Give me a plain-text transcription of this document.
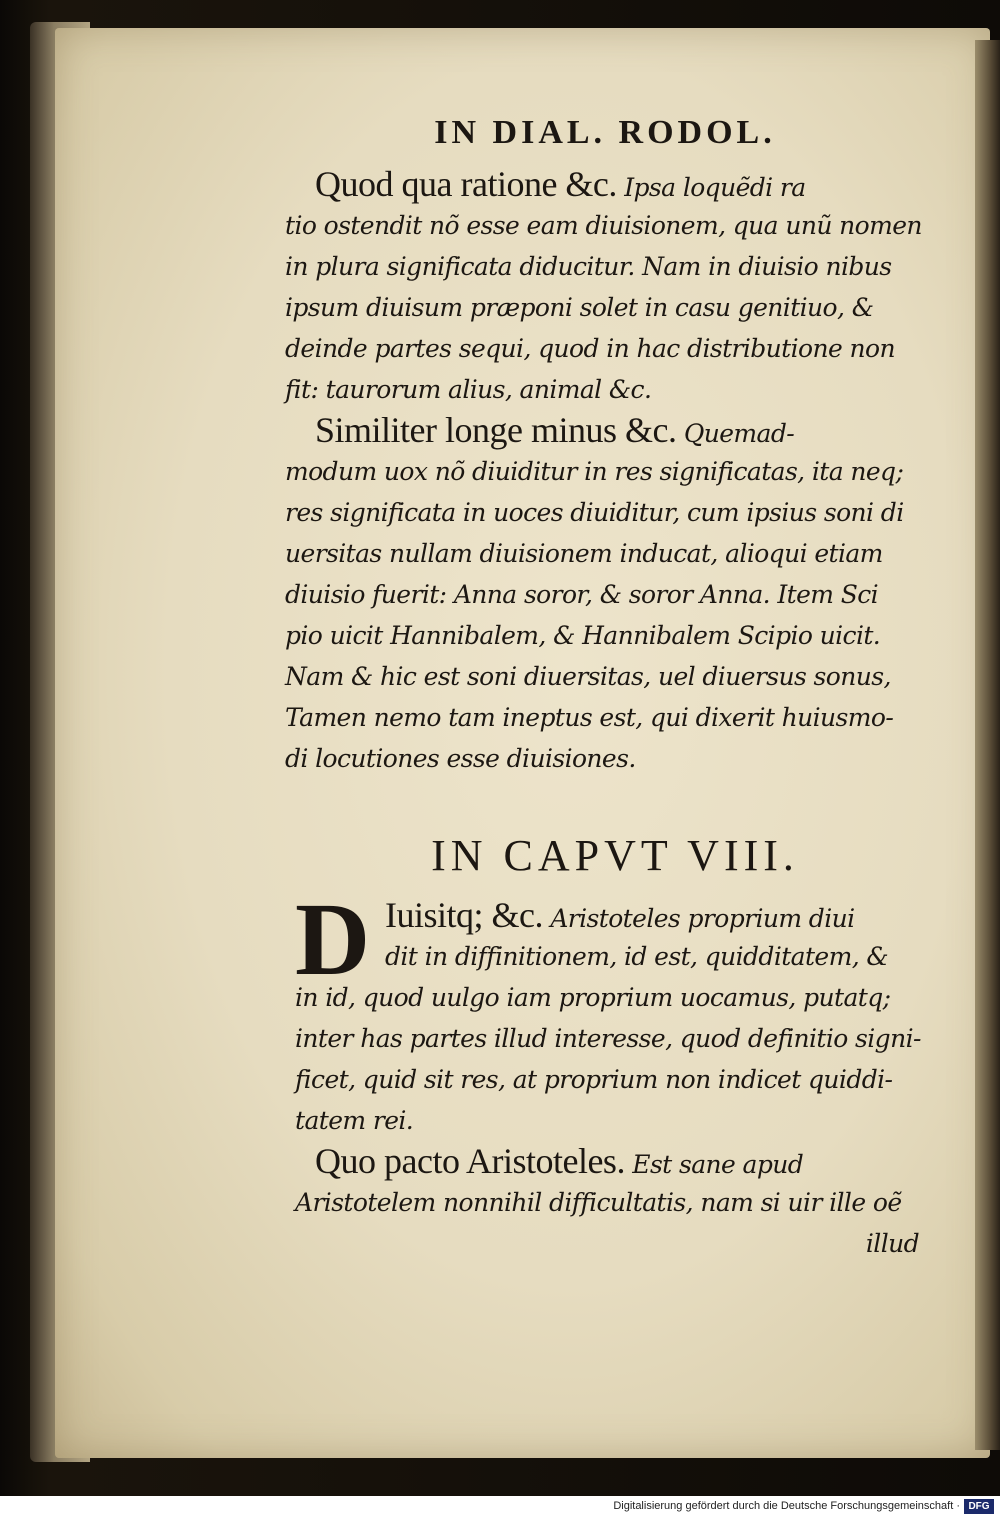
IN DIAL. RODOL.
Quod qua ratione &c. Ipsa loquẽdi ra
tio ostendit nõ esse eam diuisionem, qua unũ nomen
in plura significata diducitur. Nam in diuisio nibus
ipsum diuisum præponi solet in casu genitiuo, &
deinde partes sequi, quod in hac distributione non
fit: taurorum alius, animal &c.
Similiter longe minus &c. Quemad-
modum uox nõ diuiditur in res significatas, ita neq;
res significata in uoces diuiditur, cum ipsius soni di
uersitas nullam diuisionem inducat, alioqui etiam
diuisio fuerit: Anna soror, & soror Anna. Item Sci
pio uicit Hannibalem, & Hannibalem Scipio uicit.
Nam & hic est soni diuersitas, uel diuersus sonus,
Tamen nemo tam ineptus est, qui dixerit huiusmo-
di locutiones esse diuisiones.
IN CAPVT VIII.
D Iuisitq; &c. Aristoteles proprium diui
dit in diffinitionem, id est, quidditatem, &
in id, quod uulgo iam proprium uocamus, putatq;
inter has partes illud interesse, quod definitio signi-
ficet, quid sit res, at proprium non indicet quiddi-
tatem rei.
Quo pacto Aristoteles. Est sane apud
Aristotelem nonnihil difficultatis, nam si uir ille oẽ
illud
Digitalisierung gefördert durch die Deutsche Forschungsgemeinschaft · DFG
